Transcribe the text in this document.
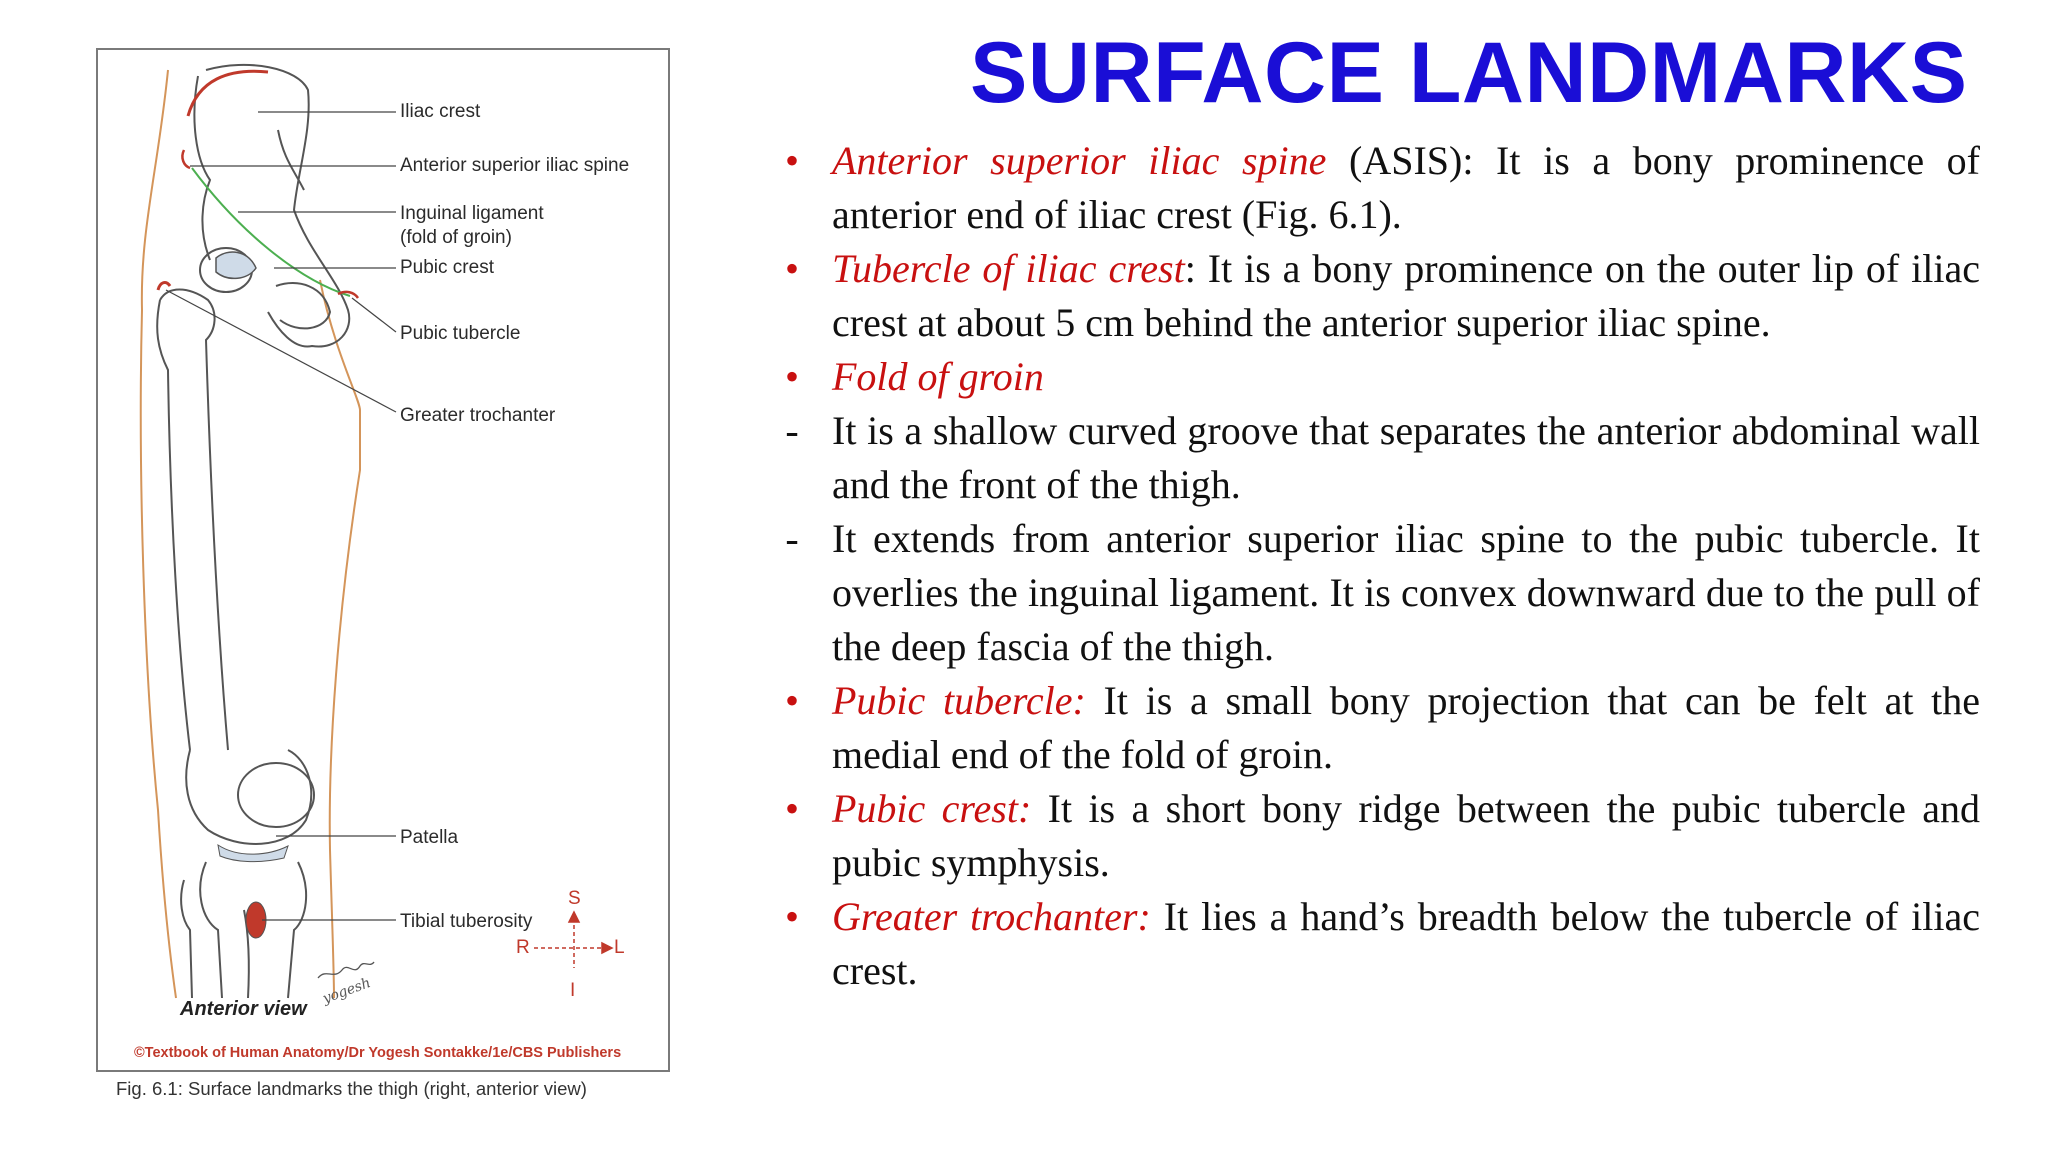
SURFACE LANDMARKS
Iliac crest
Anterior superior iliac spine
Inguinal ligament
(fold of groin)
Pubic crest
Pubic tubercle
Greater trochanter
Patella
Tibial tuberosity
S
R	L
I
yogesh
Anterior view
©Textbook of Human Anatomy/Dr Yogesh Sontakke/1e/CBS Publishers
Fig. 6.1: Surface landmarks the thigh (right, anterior view)

• Anterior superior iliac spine (ASIS): It is a bony prominence of anterior end of iliac crest (Fig. 6.1).

• Tubercle of iliac crest: It is a bony prominence on the outer lip of iliac crest at about 5 cm behind the anterior superior iliac spine.

• Fold of groin

- It is a shallow curved groove that separates the anterior abdominal wall and the front of the thigh.

- It extends from anterior superior iliac spine to the pubic tubercle. It overlies the inguinal ligament. It is convex downward due to the pull of the deep fascia of the thigh.

• Pubic tubercle: It is a small bony projection that can be felt at the medial end of the fold of groin.

• Pubic crest: It is a short bony ridge between the pubic tubercle and pubic symphysis.

• Greater trochanter: It lies a hand’s breadth below the tubercle of iliac crest.
